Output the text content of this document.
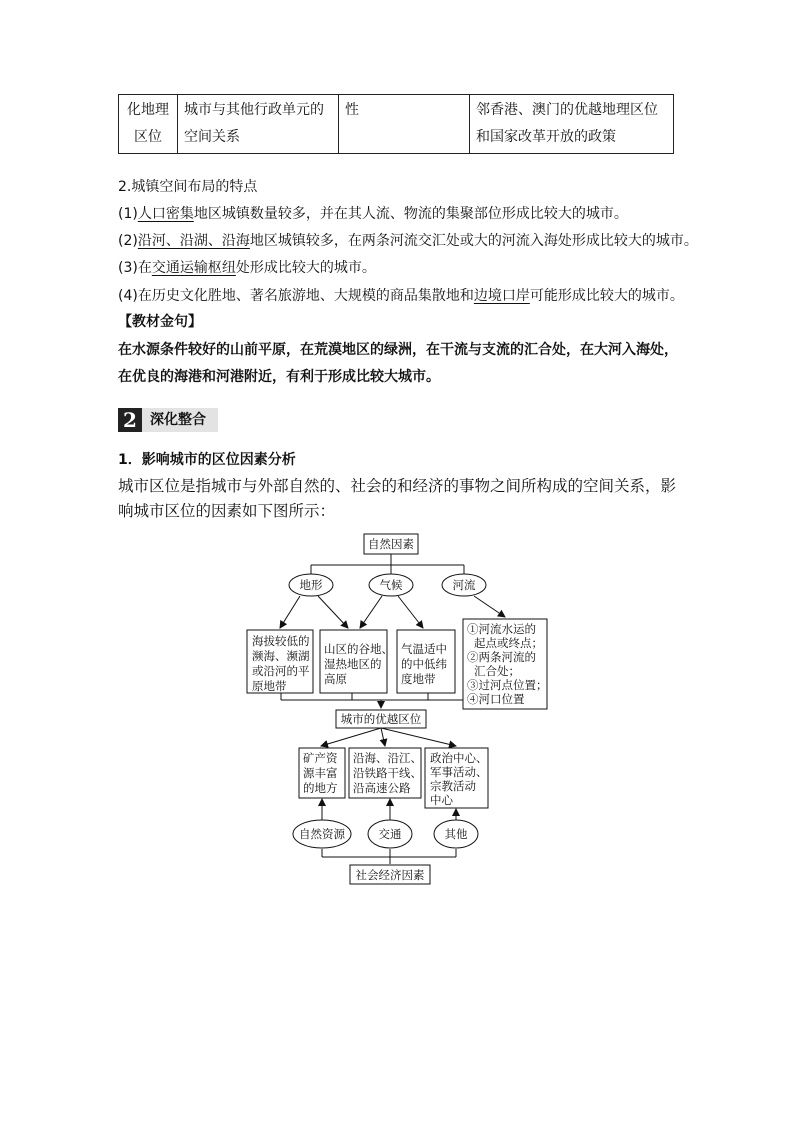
化地理区位	城市与其他行政单元的空间关系	性	邻香港、澳门的优越地理区位和国家改革开放的政策
2.城镇空间布局的特点
(1)人口密集地区城镇数量较多，并在其人流、物流的集聚部位形成比较大的城市。
(2)沿河、沿湖、沿海地区城镇较多，在两条河流交汇处或大的河流入海处形成比较大的城市。
(3)在交通运输枢纽处形成比较大的城市。
(4)在历史文化胜地、著名旅游地、大规模的商品集散地和边境口岸可能形成比较大的城市。
【教材金句】
在水源条件较好的山前平原，在荒漠地区的绿洲，在干流与支流的汇合处，在大河入海处，
在优良的海港和河港附近，有利于形成比较大城市。
2 深化整合
1．影响城市的区位因素分析
城市区位是指城市与外部自然的、社会的和经济的事物之间所构成的空间关系，影响城市区位的因素如下图所示：
自然因素
地形	气候	河流
海拔较低的
濒海、濒湖
或沿河的平
原地带
山区的谷地、
湿热地区的
高原
气温适中
的中低纬
度地带
①河流水运的
起点或终点；
②两条河流的
汇合处；
③过河点位置；
④河口位置
城市的优越区位
矿产资
源丰富
的地方
沿海、沿江、
沿铁路干线、
沿高速公路
政治中心、
军事活动、
宗教活动
中心
自然资源	交通	其他
社会经济因素
